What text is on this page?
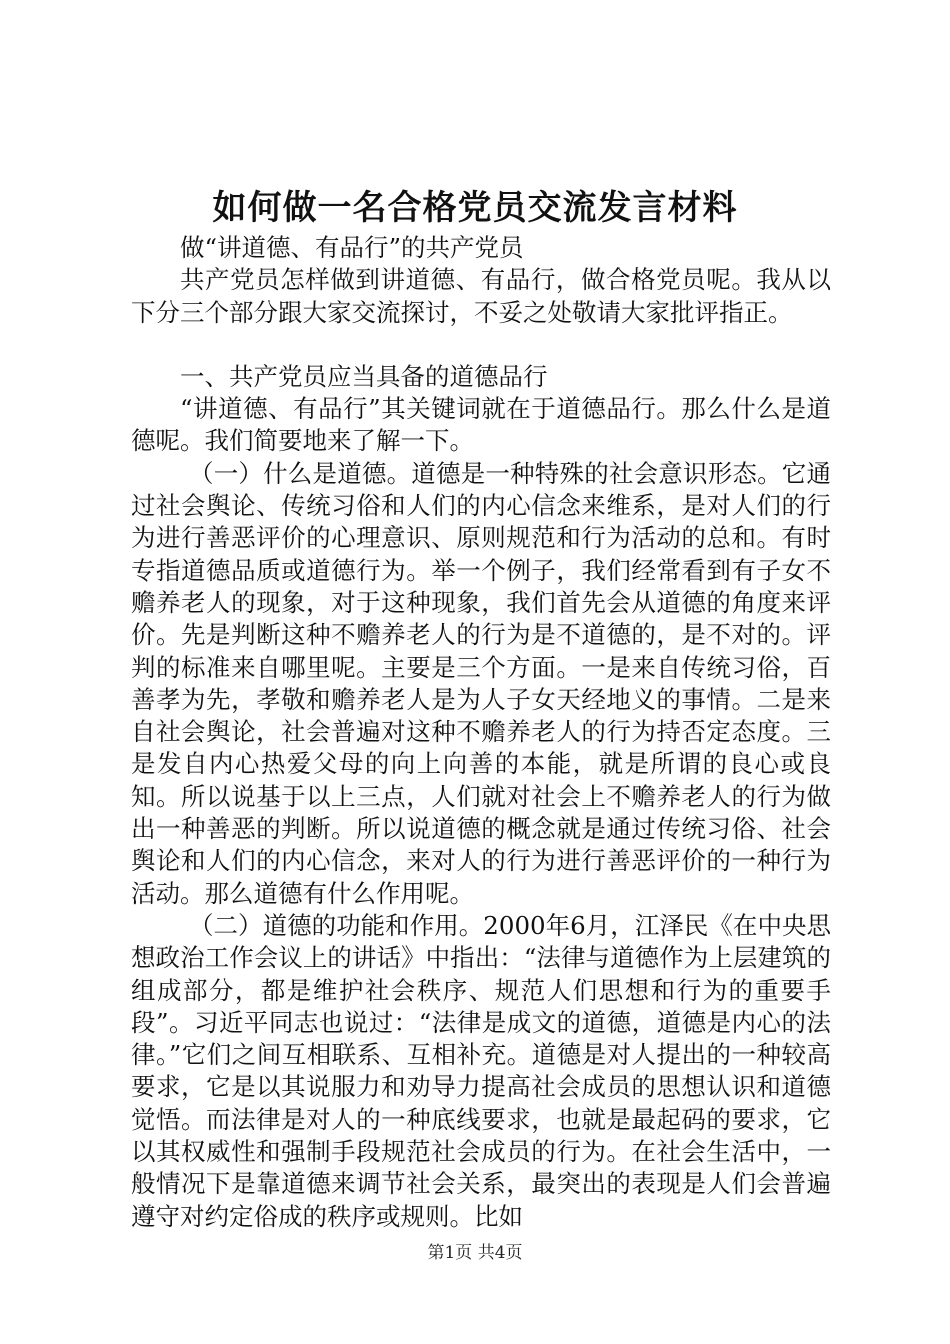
如何做一名合格党员交流发言材料

做“讲道德、有品行”的共产党员

共产党员怎样做到讲道德、有品行，做合格党员呢。我从以下分三个部分跟大家交流探讨，不妥之处敬请大家批评指正。

一、共产党员应当具备的道德品行

“讲道德、有品行”其关键词就在于道德品行。那么什么是道德呢。我们简要地来了解一下。

（一）什么是道德。道德是一种特殊的社会意识形态。它通过社会舆论、传统习俗和人们的内心信念来维系，是对人们的行为进行善恶评价的心理意识、原则规范和行为活动的总和。有时专指道德品质或道德行为。举一个例子，我们经常看到有子女不赡养老人的现象，对于这种现象，我们首先会从道德的角度来评价。先是判断这种不赡养老人的行为是不道德的，是不对的。评判的标准来自哪里呢。主要是三个方面。一是来自传统习俗，百善孝为先，孝敬和赡养老人是为人子女天经地义的事情。二是来自社会舆论，社会普遍对这种不赡养老人的行为持否定态度。三是发自内心热爱父母的向上向善的本能，就是所谓的良心或良知。所以说基于以上三点，人们就对社会上不赡养老人的行为做出一种善恶的判断。所以说道德的概念就是通过传统习俗、社会舆论和人们的内心信念，来对人的行为进行善恶评价的一种行为活动。那么道德有什么作用呢。

（二）道德的功能和作用。2000年6月，江泽民《在中央思想政治工作会议上的讲话》中指出：“法律与道德作为上层建筑的组成部分，都是维护社会秩序、规范人们思想和行为的重要手段”。习近平同志也说过：“法律是成文的道德，道德是内心的法律。”它们之间互相联系、互相补充。道德是对人提出的一种较高要求，它是以其说服力和劝导力提高社会成员的思想认识和道德觉悟。而法律是对人的一种底线要求，也就是最起码的要求，它以其权威性和强制手段规范社会成员的行为。在社会生活中，一般情况下是靠道德来调节社会关系，最突出的表现是人们会普遍遵守对约定俗成的秩序或规则。比如

第1页 共4页
